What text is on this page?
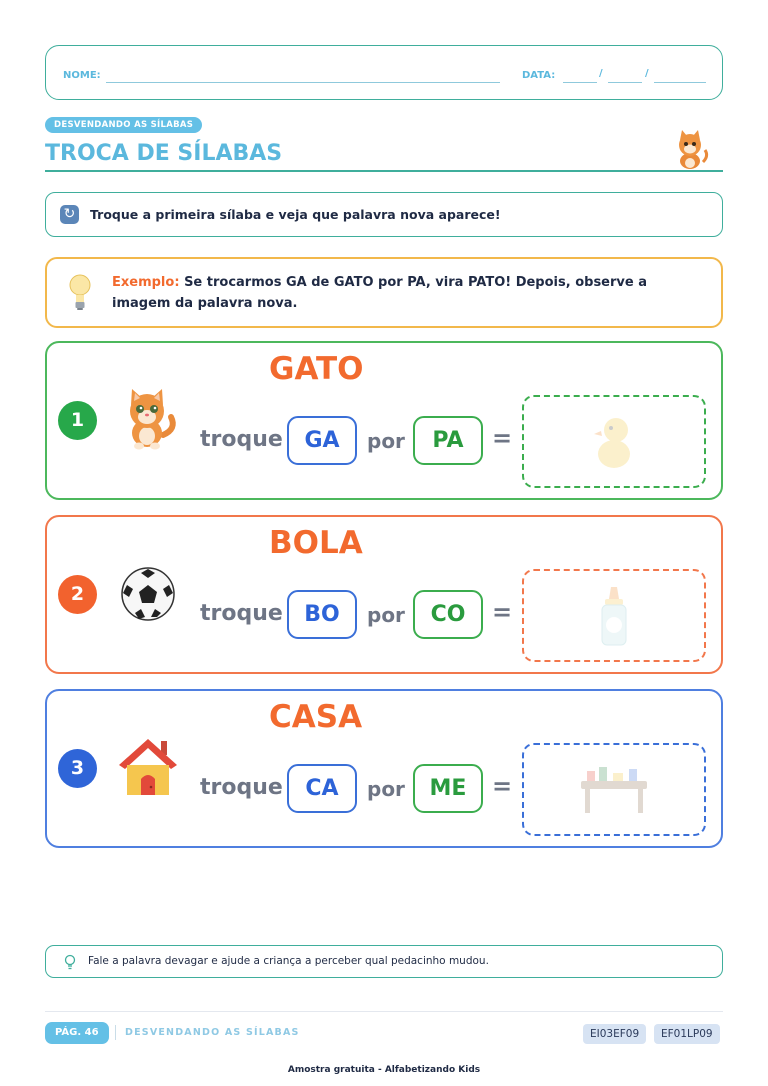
NOME:	DATA:	/	/
DESVENDANDO AS SÍLABAS
TROCA DE SÍLABAS
↻ Troque a primeira sílaba e veja que palavra nova aparece!
Exemplo: Se trocarmos GA de GATO por PA, vira PATO! Depois, observe a imagem da palavra nova.
1
GATO
troque GA	por	PA	=
2
BOLA
troque BO	por	CO	=
3
CASA
troque	CA	por	ME	=
Fale a palavra devagar e ajude a criança a perceber qual pedacinho mudou.
PÁG. 46	DESVENDANDO AS SÍLABAS	EI03EF09	EF01LP09
Amostra gratuita - Alfabetizando Kids
